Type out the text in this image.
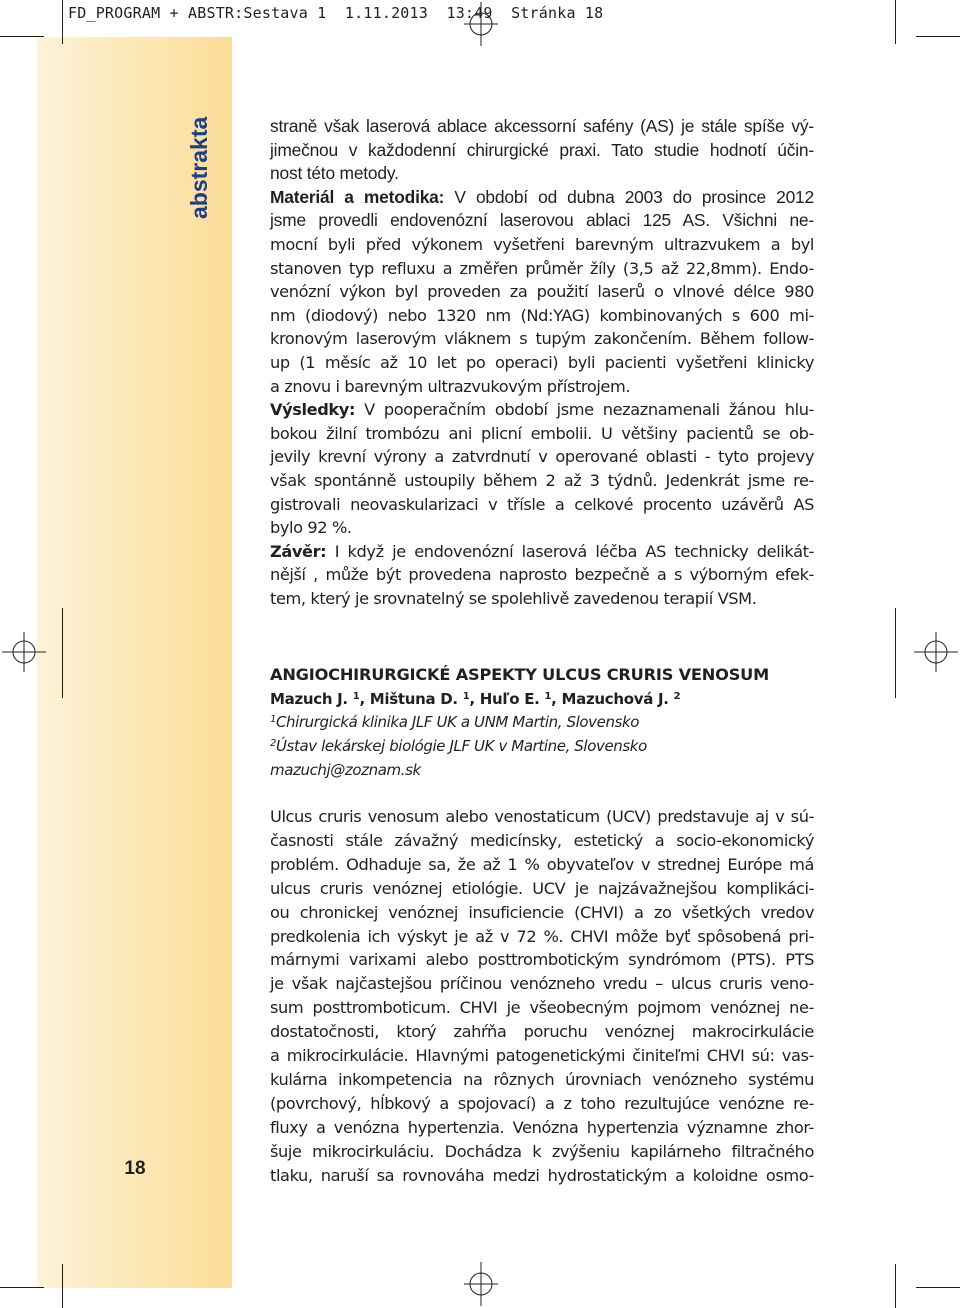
FD_PROGRAM + ABSTR:Sestava 1  1.11.2013  13:49  Stránka 18
abstrakta
18
straně však laserová ablace akcessorní safény (AS) je stále spíše vý-
jimečnou v každodenní chirurgické praxi. Tato studie hodnotí účin-
nost této metody.
Materiál a metodika: V období od dubna 2003 do prosince 2012
jsme provedli endovenózní laserovou ablaci 125 AS. Všichni ne-
mocní byli před výkonem vyšetřeni barevným ultrazvukem a byl
stanoven typ refluxu a změřen průměr žíly (3,5 až 22,8mm). Endo-
venózní výkon byl proveden za použití laserů o vlnové délce 980
nm (diodový) nebo 1320 nm (Nd:YAG) kombinovaných s 600 mi-
kronovým laserovým vláknem s tupým zakončením. Během follow-
up (1 měsíc až 10 let po operaci) byli pacienti vyšetřeni klinicky
a znovu i barevným ultrazvukovým přístrojem.
Výsledky: V pooperačním období jsme nezaznamenali žánou hlu-
bokou žilní trombózu ani plicní embolii. U většiny pacientů se ob-
jevily krevní výrony a zatvrdnutí v operované oblasti - tyto projevy
však spontánně ustoupily během 2 až 3 týdnů. Jedenkrát jsme re-
gistrovali neovaskularizaci v třísle a celkové procento uzávěrů AS
bylo 92 %.
Závěr: I když je endovenózní laserová léčba AS technicky delikát-
nější , může být provedena naprosto bezpečně a s výborným efek-
tem, který je srovnatelný se spolehlivě zavedenou terapií VSM.
ANGIOCHIRURGICKÉ ASPEKTY ULCUS CRURIS VENOSUM
Mazuch J. $^1$, Mištuna D. $^1$, Huľo E. $^1$, Mazuchová J. $^2$
$^1$Chirurgická klinika JLF UK a UNM Martin, Slovensko
$^2$Ústav lekárskej biológie JLF UK v Martine, Slovensko
mazuchj@zoznam.sk
Ulcus cruris venosum alebo venostaticum (UCV) predstavuje aj v sú-
časnosti stále závažný medicínsky, estetický a socio-ekonomický
problém. Odhaduje sa, že až 1 % obyvateľov v strednej Európe má
ulcus cruris venóznej etiológie. UCV je najzávažnejšou komplikáci-
ou chronickej venóznej insuficiencie (CHVI) a zo všetkých vredov
predkolenia ich výskyt je až v 72 %. CHVI môže byť spôsobená pri-
márnymi varixami alebo posttrombotickým syndrómom (PTS). PTS
je však najčastejšou príčinou venózneho vredu – ulcus cruris veno-
sum posttromboticum. CHVI je všeobecným pojmom venóznej ne-
dostatočnosti, ktorý zahŕňa poruchu venóznej makrocirkulácie
a mikrocirkulácie. Hlavnými patogenetickými činiteľmi CHVI sú: vas-
kulárna inkompetencia na rôznych úrovniach venózneho systému
(povrchový, hĺbkový a spojovací) a z toho rezultujúce venózne re-
fluxy a venózna hypertenzia. Venózna hypertenzia významne zhor-
šuje mikrocirkuláciu. Dochádza k zvýšeniu kapilárneho filtračného
tlaku, naruší sa rovnováha medzi hydrostatickým a koloidne osmo-
